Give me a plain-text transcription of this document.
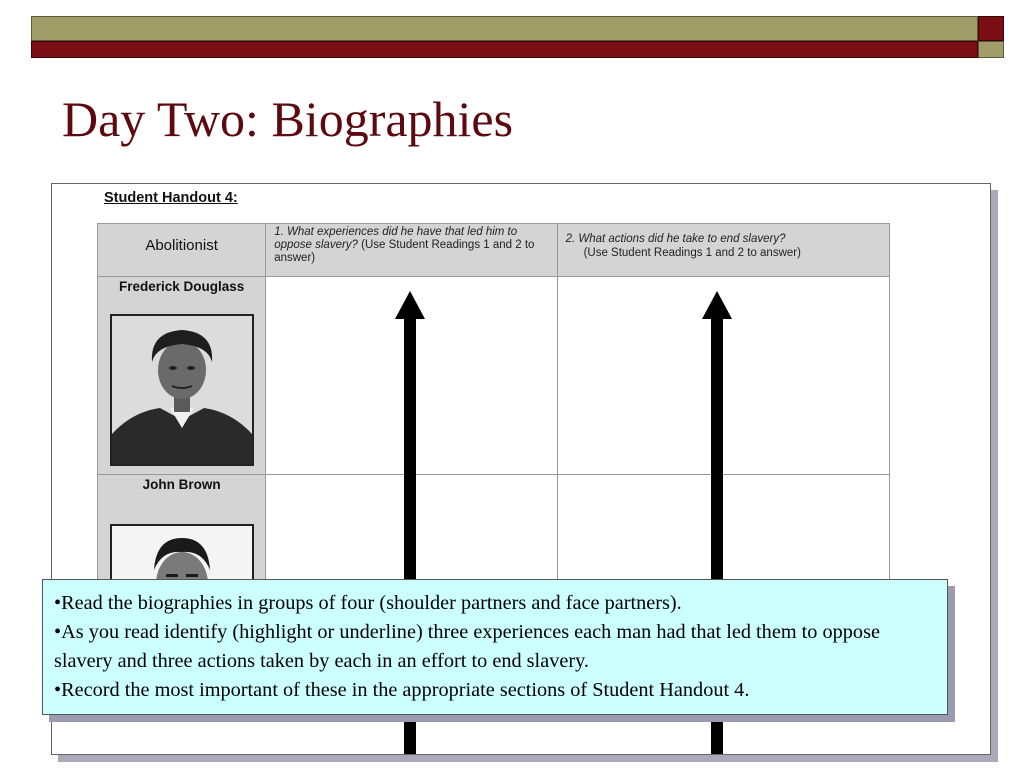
Day Two: Biographies
Student Handout 4:
Abolitionist	1. What experiences did he have that led him to oppose slavery? (Use Student Readings 1 and 2 to answer)	2. What actions did he take to end slavery?
(Use Student Readings 1 and 2 to answer)

Frederick Douglass		

John Brown		

•Read the biographies in groups of four (shoulder partners and face partners).

•As you read identify (highlight or underline) three experiences each man had that led them to oppose slavery and three actions taken by each in an effort to end slavery.

•Record the most important of these in the appropriate sections of Student Handout 4.
